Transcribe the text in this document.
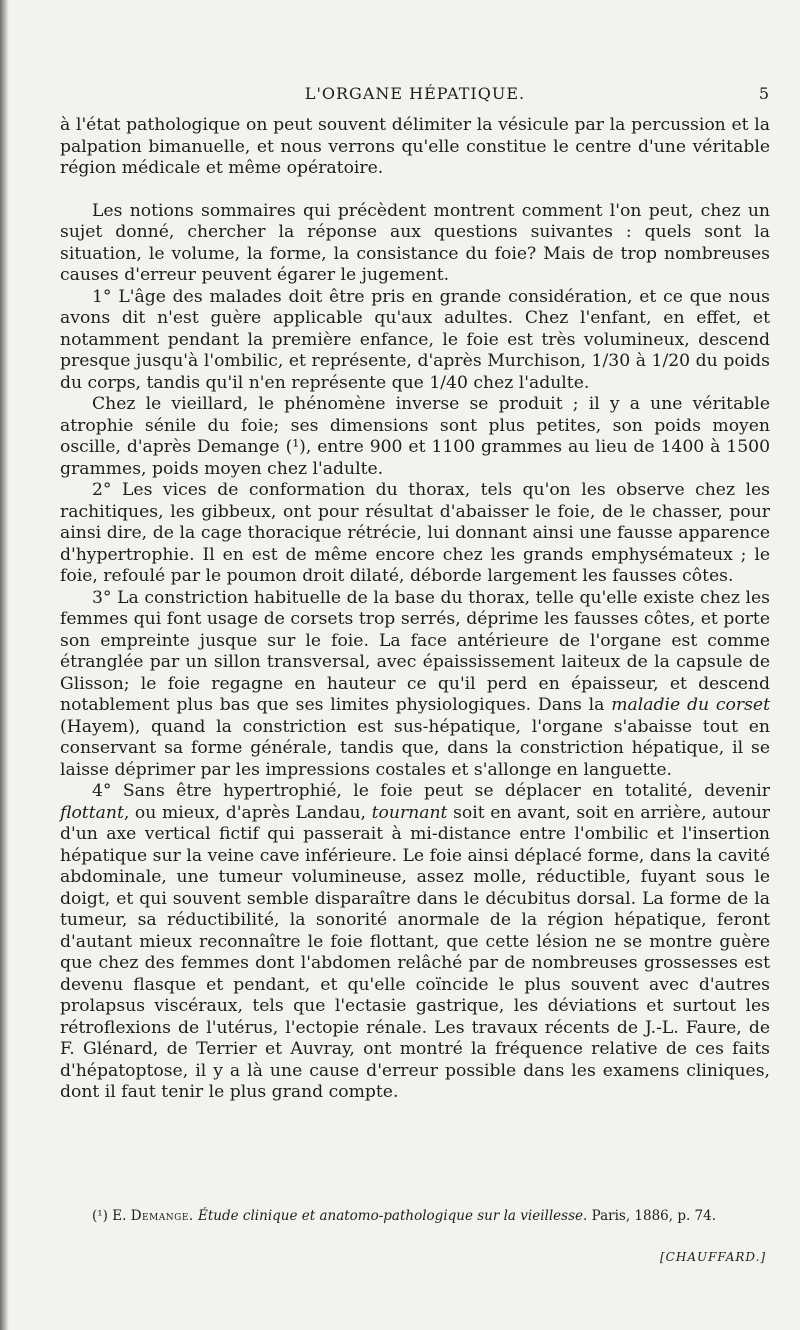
L'ORGANE HÉPATIQUE.	5

à l'état pathologique on peut souvent délimiter la vésicule par la percussion et la palpation bimanuelle, et nous verrons qu'elle constitue le centre d'une véritable région médicale et même opératoire.

Les notions sommaires qui précèdent montrent comment l'on peut, chez un sujet donné, chercher la réponse aux questions suivantes : quels sont la situation, le volume, la forme, la consistance du foie? Mais de trop nombreuses causes d'erreur peuvent égarer le jugement.

1° L'âge des malades doit être pris en grande considération, et ce que nous avons dit n'est guère applicable qu'aux adultes. Chez l'enfant, en effet, et notamment pendant la première enfance, le foie est très volumineux, descend presque jusqu'à l'ombilic, et représente, d'après Murchison, 1/30 à 1/20 du poids du corps, tandis qu'il n'en représente que 1/40 chez l'adulte.

Chez le vieillard, le phénomène inverse se produit ; il y a une véritable atrophie sénile du foie; ses dimensions sont plus petites, son poids moyen oscille, d'après Demange (¹), entre 900 et 1100 grammes au lieu de 1400 à 1500 grammes, poids moyen chez l'adulte.

2° Les vices de conformation du thorax, tels qu'on les observe chez les rachitiques, les gibbeux, ont pour résultat d'abaisser le foie, de le chasser, pour ainsi dire, de la cage thoracique rétrécie, lui donnant ainsi une fausse apparence d'hypertrophie. Il en est de même encore chez les grands emphysémateux ; le foie, refoulé par le poumon droit dilaté, déborde largement les fausses côtes.

3° La constriction habituelle de la base du thorax, telle qu'elle existe chez les femmes qui font usage de corsets trop serrés, déprime les fausses côtes, et porte son empreinte jusque sur le foie. La face antérieure de l'organe est comme étranglée par un sillon transversal, avec épaississement laiteux de la capsule de Glisson; le foie regagne en hauteur ce qu'il perd en épaisseur, et descend notablement plus bas que ses limites physiologiques. Dans la maladie du corset (Hayem), quand la constriction est sus-hépatique, l'organe s'abaisse tout en conservant sa forme générale, tandis que, dans la constriction hépatique, il se laisse déprimer par les impressions costales et s'allonge en languette.

4° Sans être hypertrophié, le foie peut se déplacer en totalité, devenir flottant, ou mieux, d'après Landau, tournant soit en avant, soit en arrière, autour d'un axe vertical fictif qui passerait à mi-distance entre l'ombilic et l'insertion hépatique sur la veine cave inférieure. Le foie ainsi déplacé forme, dans la cavité abdominale, une tumeur volumineuse, assez molle, réductible, fuyant sous le doigt, et qui souvent semble disparaître dans le décubitus dorsal. La forme de la tumeur, sa réductibilité, la sonorité anormale de la région hépatique, feront d'autant mieux reconnaître le foie flottant, que cette lésion ne se montre guère que chez des femmes dont l'abdomen relâché par de nombreuses grossesses est devenu flasque et pendant, et qu'elle coïncide le plus souvent avec d'autres prolapsus viscéraux, tels que l'ectasie gastrique, les déviations et surtout les rétroflexions de l'utérus, l'ectopie rénale. Les travaux récents de J.-L. Faure, de F. Glénard, de Terrier et Auvray, ont montré la fréquence relative de ces faits d'hépatoptose, il y a là une cause d'erreur possible dans les examens cliniques, dont il faut tenir le plus grand compte.

(¹) E. Demange. Étude clinique et anatomo-pathologique sur la vieillesse. Paris, 1886, p. 74.
[CHAUFFARD.]
